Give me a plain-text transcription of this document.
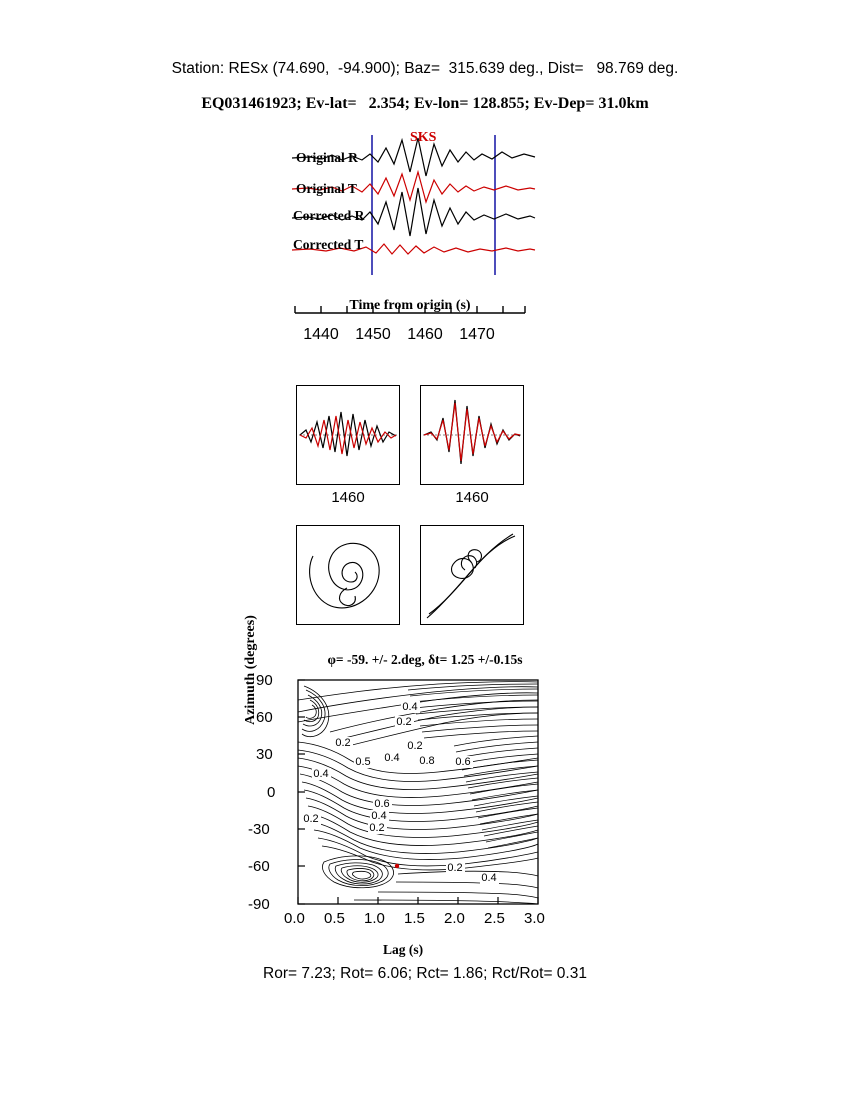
Station: RESx (74.690,  -94.900); Baz=  315.639 deg., Dist=   98.769 deg.
EQ031461923; Ev-lat=   2.354; Ev-lon= 128.855; Ev-Dep= 31.0km
SKS
Original R
Original T
Corrected R
Corrected T
Time from origin (s)
1440 1450 1460 1470
1460	1460
φ= -59. +/- 2.deg, δt= 1.25 +/-0.15s
Azimuth (degrees)	0.4
0.2
0.2	0.2
0.4
0.5	0.8 0.6
0.4
0.6
0.4
0.2
0.2
0.2
0.4
90
60
30
0
-30
-60
-90
0.0 0.5 1.0 1.5 2.0 2.5 3.0
Lag (s)
Ror= 7.23; Rot= 6.06; Rct= 1.86; Rct/Rot= 0.31
